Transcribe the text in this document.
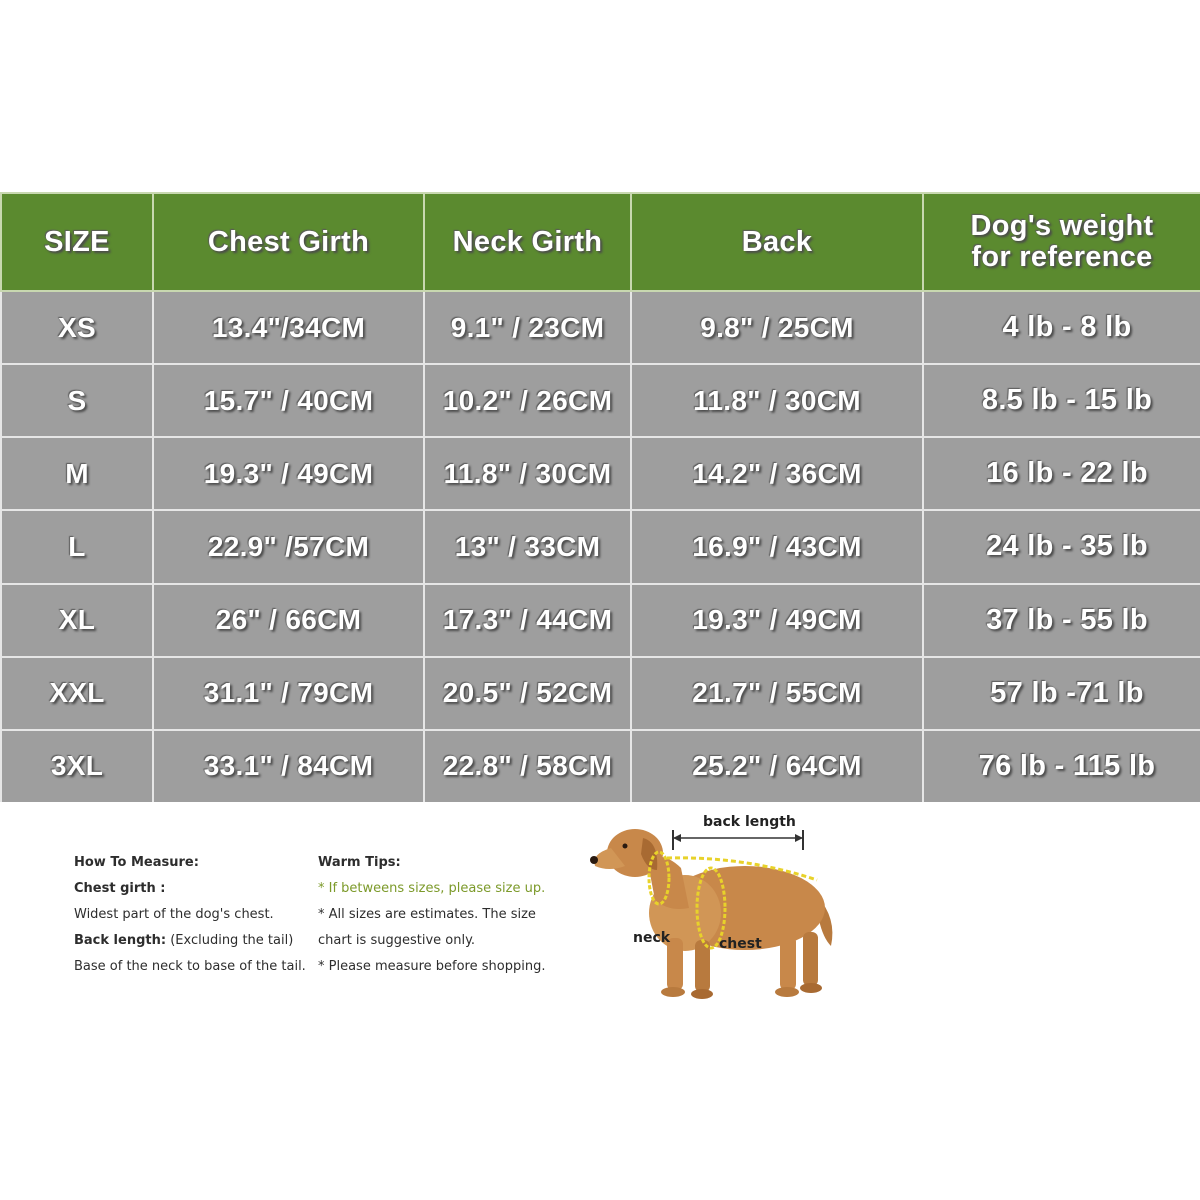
SIZE	Chest Girth	Neck Girth	Back	Dog's weight
for reference

XS	13.4"/34CM	9.1" / 23CM	9.8" / 25CM	4 lb - 8 lb
S	15.7" / 40CM	10.2" / 26CM	11.8" / 30CM	8.5 lb - 15 lb
M	19.3" / 49CM	11.8" / 30CM	14.2" / 36CM	16 lb - 22 lb
L	22.9" /57CM	13" / 33CM	16.9" / 43CM	24 lb - 35 lb
XL	26" / 66CM	17.3" / 44CM	19.3" / 49CM	37 lb - 55 lb
XXL	31.1" / 79CM	20.5" / 52CM	21.7" / 55CM	57 lb -71 lb
3XL	33.1" / 84CM	22.8" / 58CM	25.2" / 64CM	76 lb - 115 lb
How To Measure:
Chest girth :
Widest part of the dog's chest.
Back length: (Excluding the tail)
Base of the neck to base of the tail.
Warm Tips:
* If betweens sizes, please size up.
* All sizes are estimates. The size
chart is suggestive only.
* Please measure before shopping.
back length
neck	chest
